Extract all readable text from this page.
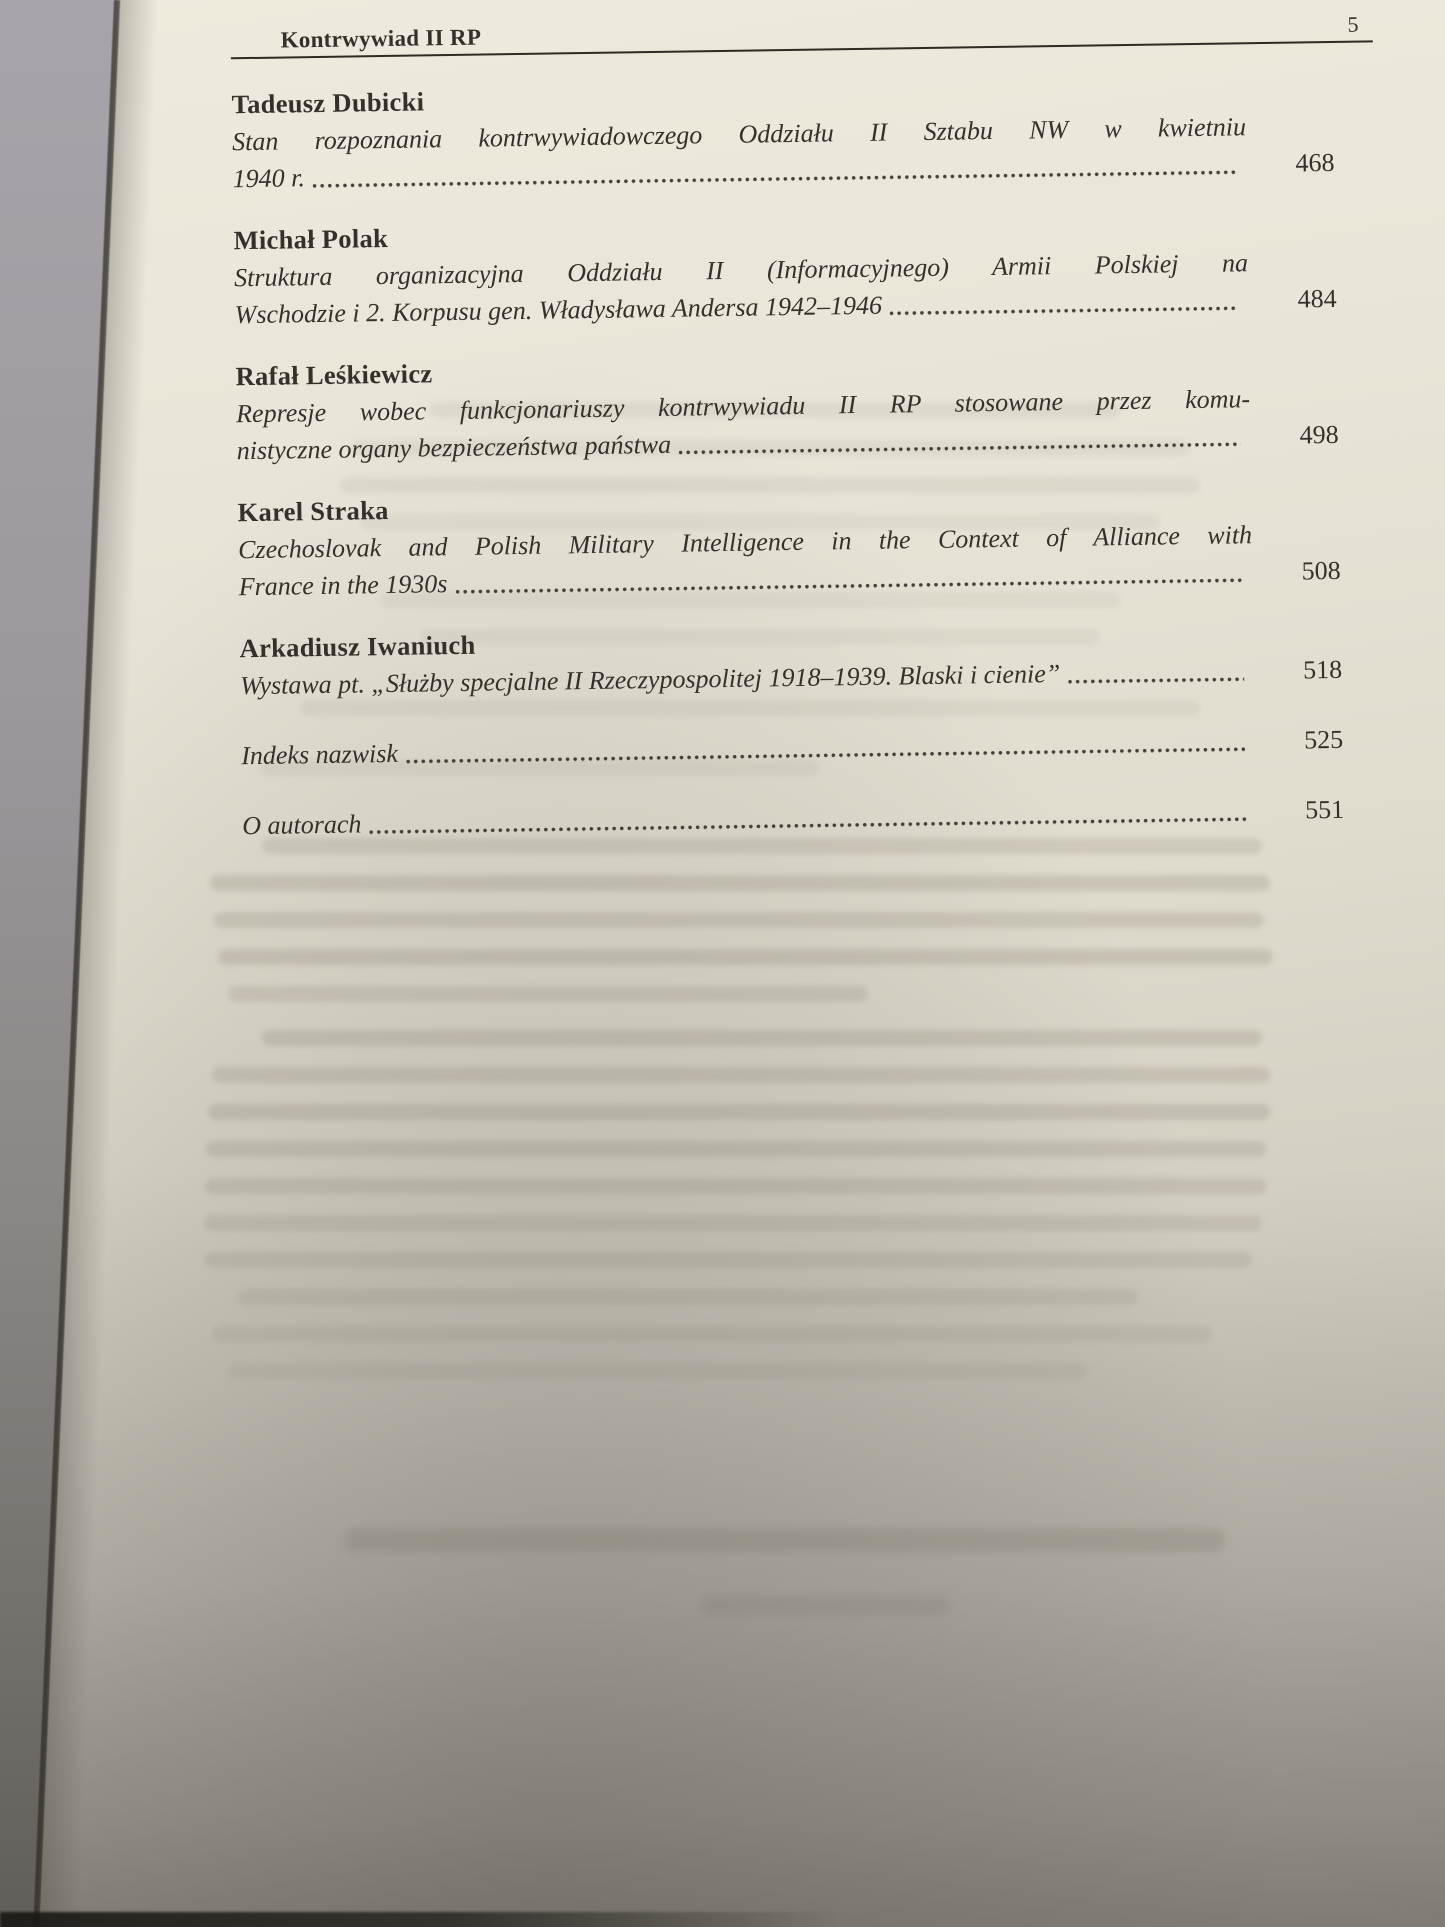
Kontrwywiad II RP
5
Tadeusz Dubicki
Stan rozpoznania kontrwywiadowczego Oddziału II Sztabu NW w kwietniu
1940 r.
468
Michał Polak
Struktura organizacyjna Oddziału II (Informacyjnego) Armii Polskiej na
Wschodzie i 2. Korpusu gen. Władysława Andersa 1942–1946	484
Rafał Leśkiewicz
Represje wobec funkcjonariuszy kontrwywiadu II RP stosowane przez komu-
nistyczne organy bezpieczeństwa państwa	498
Karel Straka
Czechoslovak and Polish Military Intelligence in the Context of Alliance with
France in the 1930s	508
Arkadiusz Iwaniuch
Wystawa pt. „Służby specjalne II Rzeczypospolitej 1918–1939. Blaski i cienie”	518
Indeks nazwisk	525
O autorach	551
